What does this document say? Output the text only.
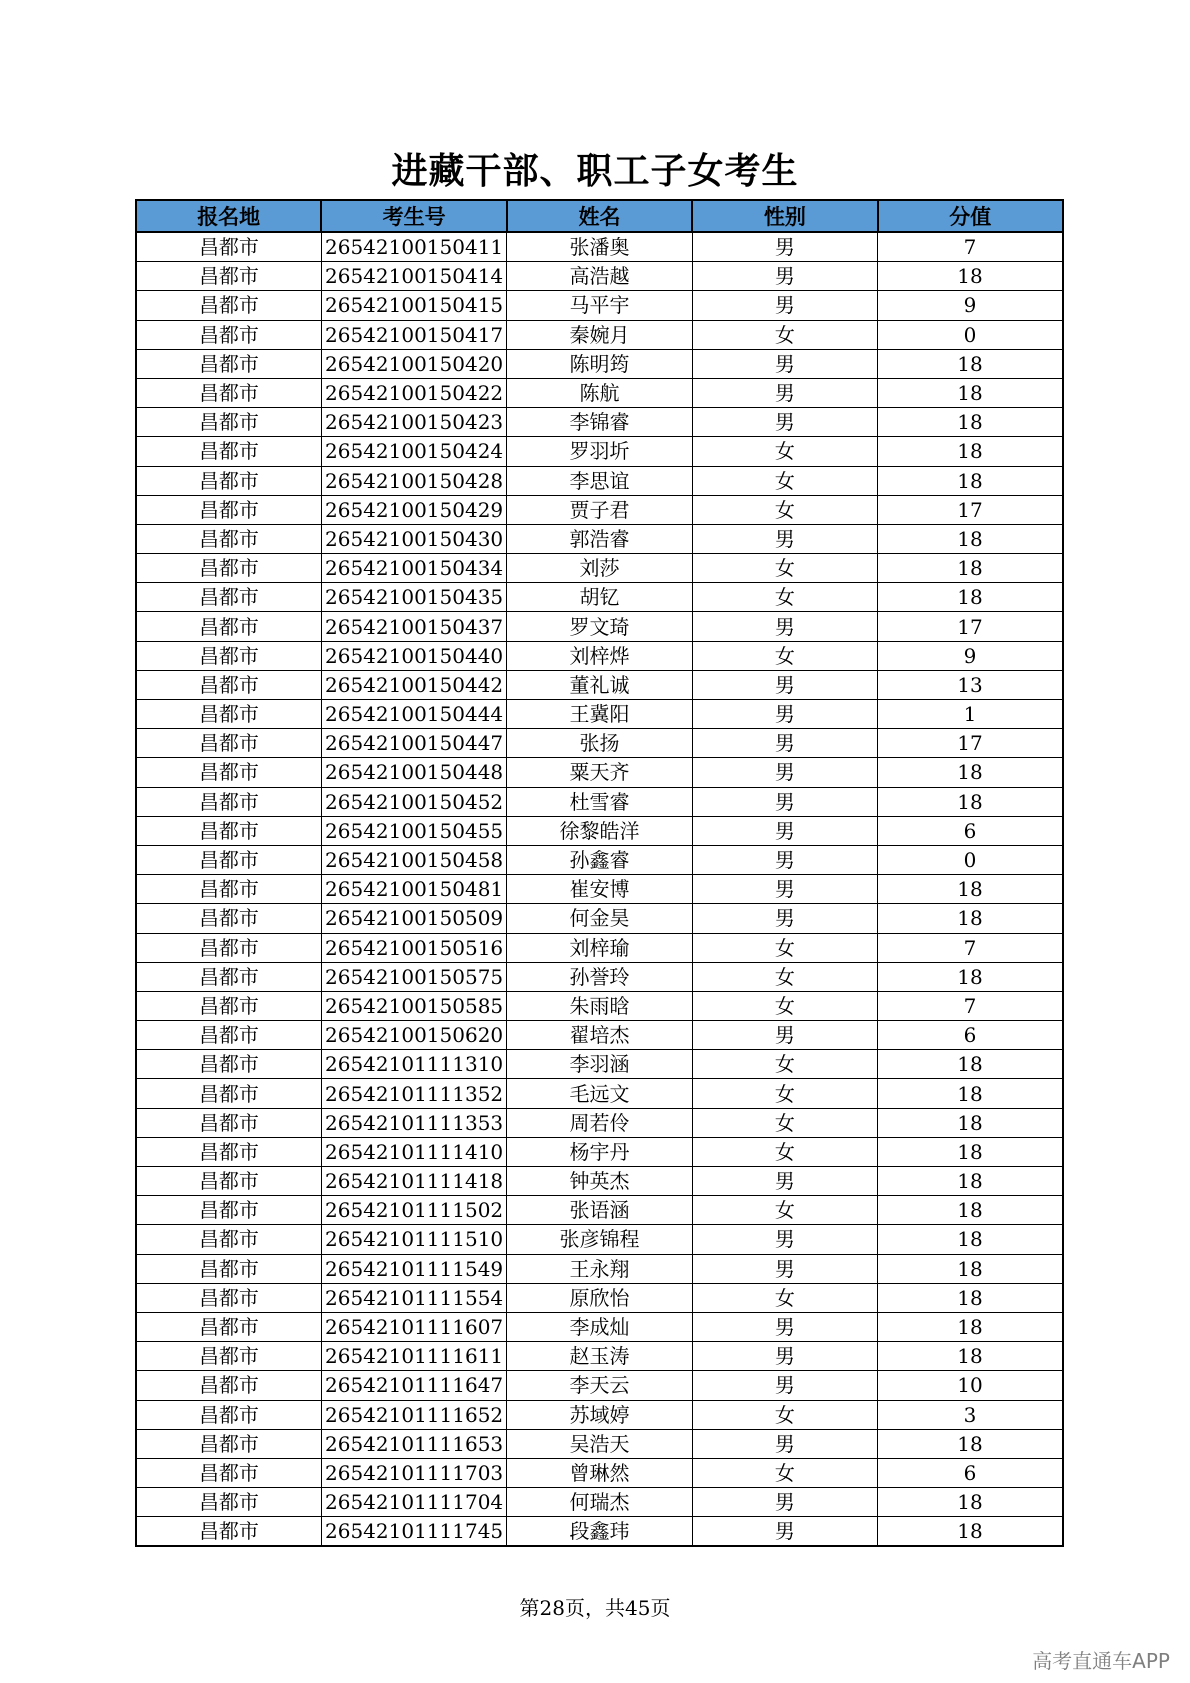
进藏干部、职工子女考生
报名地	考生号	姓名	性别	分值
昌都市	26542100150411	张潘奥	男	7
昌都市	26542100150414	高浩越	男	18
昌都市	26542100150415	马平宇	男	9
昌都市	26542100150417	秦婉月	女	0
昌都市	26542100150420	陈明筠	男	18
昌都市	26542100150422	陈航	男	18
昌都市	26542100150423	李锦睿	男	18
昌都市	26542100150424	罗羽圻	女	18
昌都市	26542100150428	李思谊	女	18
昌都市	26542100150429	贾子君	女	17
昌都市	26542100150430	郭浩睿	男	18
昌都市	26542100150434	刘莎	女	18
昌都市	26542100150435	胡钇	女	18
昌都市	26542100150437	罗文琦	男	17
昌都市	26542100150440	刘梓烨	女	9
昌都市	26542100150442	董礼诚	男	13
昌都市	26542100150444	王冀阳	男	1
昌都市	26542100150447	张扬	男	17
昌都市	26542100150448	粟天齐	男	18
昌都市	26542100150452	杜雪睿	男	18
昌都市	26542100150455	徐黎皓洋	男	6
昌都市	26542100150458	孙鑫睿	男	0
昌都市	26542100150481	崔安博	男	18
昌都市	26542100150509	何金昊	男	18
昌都市	26542100150516	刘梓瑜	女	7
昌都市	26542100150575	孙誉玲	女	18
昌都市	26542100150585	朱雨晗	女	7
昌都市	26542100150620	翟培杰	男	6
昌都市	26542101111310	李羽涵	女	18
昌都市	26542101111352	毛远文	女	18
昌都市	26542101111353	周若伶	女	18
昌都市	26542101111410	杨宇丹	女	18
昌都市	26542101111418	钟英杰	男	18
昌都市	26542101111502	张语涵	女	18
昌都市	26542101111510	张彦锦程	男	18
昌都市	26542101111549	王永翔	男	18
昌都市	26542101111554	原欣怡	女	18
昌都市	26542101111607	李成灿	男	18
昌都市	26542101111611	赵玉涛	男	18
昌都市	26542101111647	李天云	男	10
昌都市	26542101111652	苏域婷	女	3
昌都市	26542101111653	吴浩天	男	18
昌都市	26542101111703	曾琳然	女	6
昌都市	26542101111704	何瑞杰	男	18
昌都市	26542101111745	段鑫玮	男	18
第28页，共45页
高考直通车APP
